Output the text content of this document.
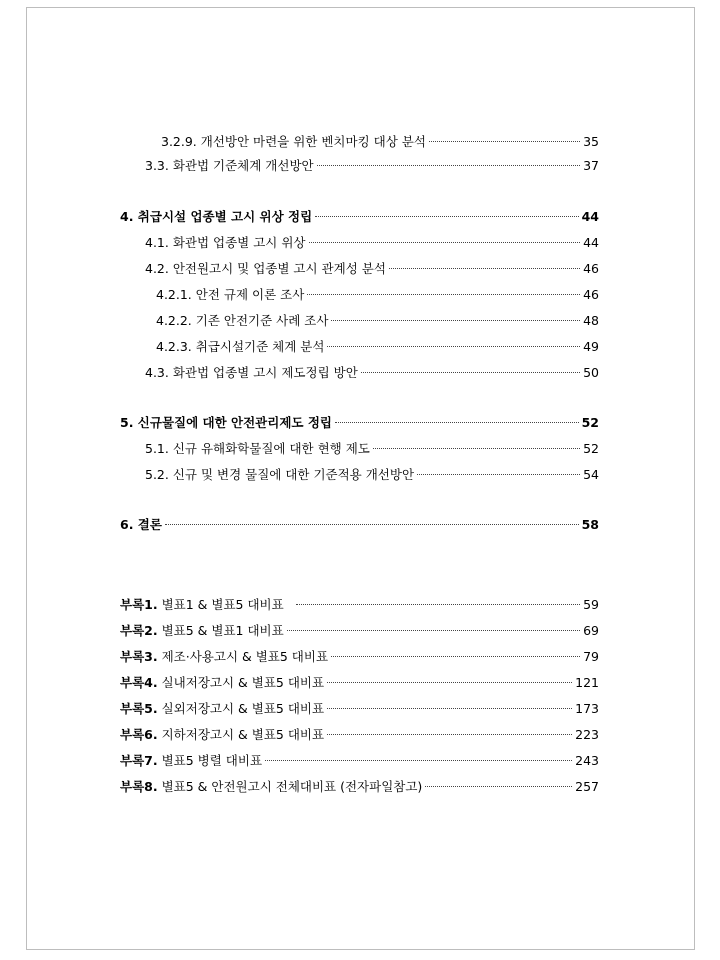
3.2.9. 개선방안 마련을 위한 벤치마킹 대상 분석	35
3.3. 화관법 기준체계 개선방안	37
4. 취급시설 업종별 고시 위상 정립	44
4.1. 화관법 업종별 고시 위상	44
4.2. 안전원고시 및 업종별 고시 관계성 분석	46
4.2.1. 안전 규제 이론 조사	46
4.2.2. 기존 안전기준 사례 조사	48
4.2.3. 취급시설기준 체계 분석	49
4.3. 화관법 업종별 고시 제도정립 방안	50
5. 신규물질에 대한 안전관리제도 정립	52
5.1. 신규 유해화학물질에 대한 현행 제도	52
5.2. 신규 및 변경 물질에 대한 기준적용 개선방안	54
6. 결론	58
부록1. 별표1 & 별표5 대비표	59
부록2. 별표5 & 별표1 대비표	69
부록3. 제조·사용고시 & 별표5 대비표	79
부록4. 실내저장고시 & 별표5 대비표	121
부록5. 실외저장고시 & 별표5 대비표	173
부록6. 지하저장고시 & 별표5 대비표	223
부록7. 별표5 병렬 대비표	243
부록8. 별표5 & 안전원고시 전체대비표 (전자파일참고)	257
